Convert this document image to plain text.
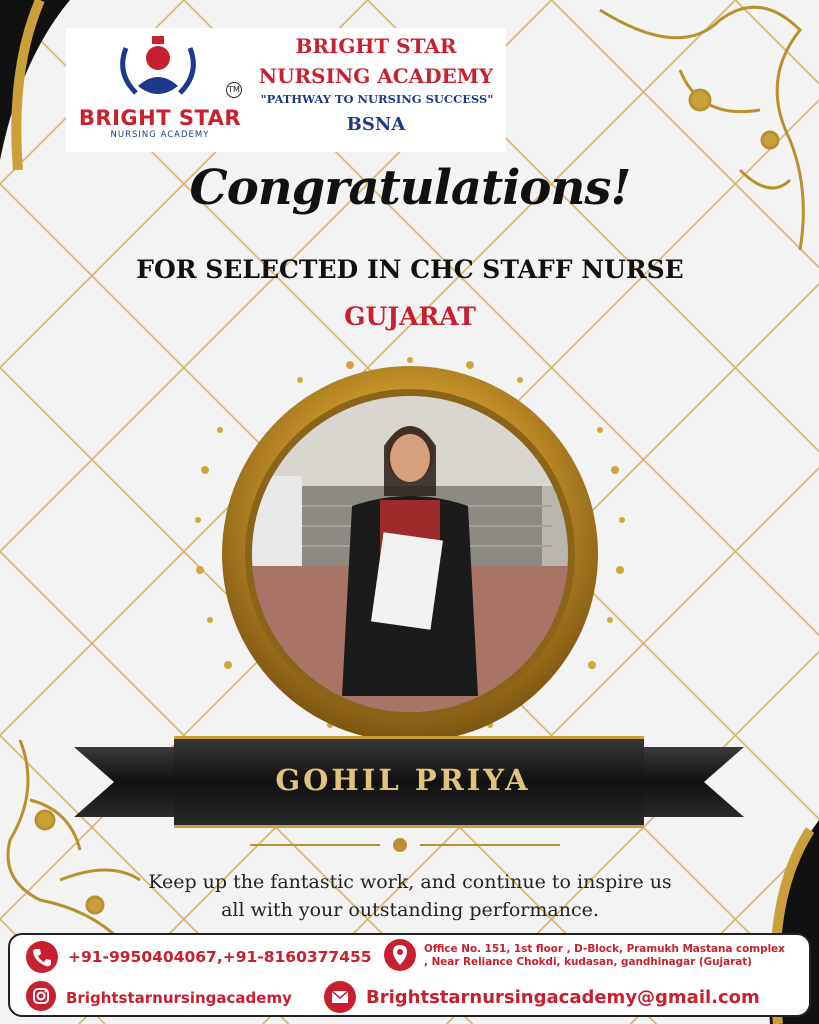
TM
BRIGHT STAR
NURSING ACADEMY
BRIGHT STAR
NURSING ACADEMY
"PATHWAY TO NURSING SUCCESS"
BSNA
Congratulations!
FOR SELECTED IN CHC STAFF NURSE
GUJARAT
GOHIL PRIYA
Keep up the fantastic work, and continue to inspire us
all with your outstanding performance.
+91-9950404067,+91-8160377455	Office No. 151, 1st floor , D-Block, Pramukh Mastana complex
, Near Reliance Chokdi, kudasan, gandhinagar (Gujarat)
Brightstarnursingacademy	Brightstarnursingacademy@gmail.com
